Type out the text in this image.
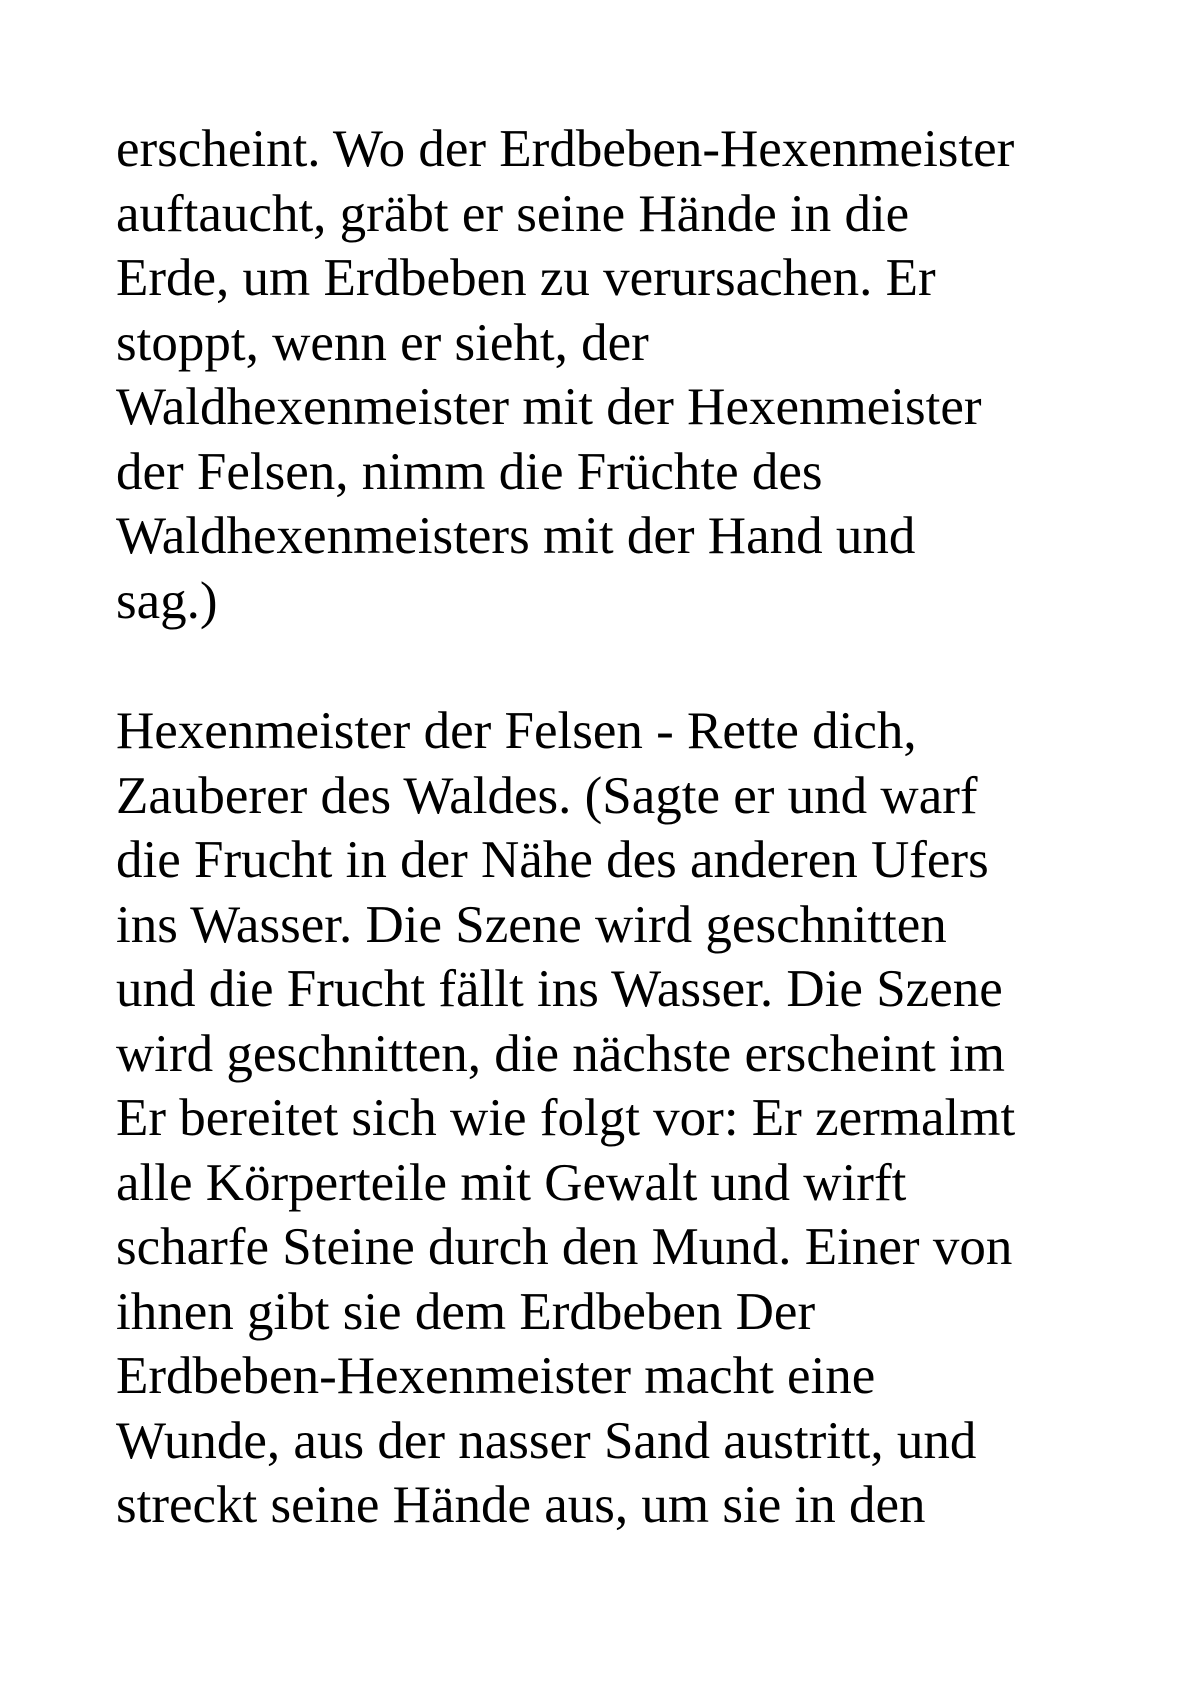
erscheint. Wo der Erdbeben-Hexenmeister
auftaucht, gräbt er seine Hände in die
Erde, um Erdbeben zu verursachen. Er
stoppt, wenn er sieht, der
Waldhexenmeister mit der Hexenmeister
der Felsen, nimm die Früchte des
Waldhexenmeisters mit der Hand und
sag.)
Hexenmeister der Felsen - Rette dich,
Zauberer des Waldes. (Sagte er und warf
die Frucht in der Nähe des anderen Ufers
ins Wasser. Die Szene wird geschnitten
und die Frucht fällt ins Wasser. Die Szene
wird geschnitten, die nächste erscheint im
Er bereitet sich wie folgt vor: Er zermalmt
alle Körperteile mit Gewalt und wirft
scharfe Steine durch den Mund. Einer von
ihnen gibt sie dem Erdbeben Der
Erdbeben-Hexenmeister macht eine
Wunde, aus der nasser Sand austritt, und
streckt seine Hände aus, um sie in den
